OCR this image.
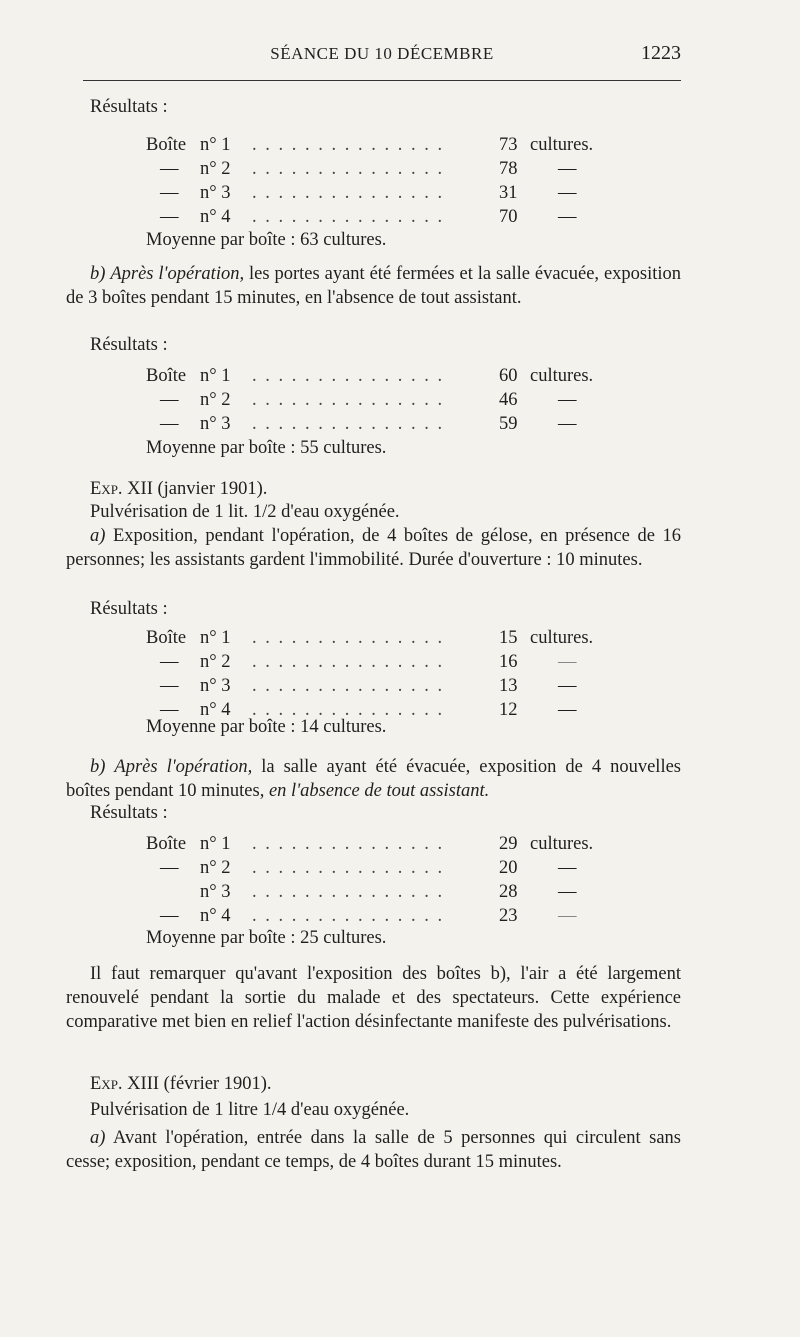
SÉANCE DU 10 DÉCEMBRE	1223
Résultats :
Boîte n° 1 . . . . . . . . . . . . . . .	73 cultures.
— n° 2 . . . . . . . . . . . . . . .	78 —
— n° 3 . . . . . . . . . . . . . . .	31 —
— n° 4 . . . . . . . . . . . . . . .	70 —
Moyenne par boîte : 63 cultures.
b) Après l'opération, les portes ayant été fermées et la salle évacuée, exposition de 3 boîtes pendant 15 minutes, en l'absence de tout assistant.
Résultats :
Boîte n° 1 . . . . . . . . . . . . . . .	60 cultures.
— n° 2 . . . . . . . . . . . . . . .	46 —
— n° 3 . . . . . . . . . . . . . . .	59 —
Moyenne par boîte : 55 cultures.
Exp. XII (janvier 1901).
Pulvérisation de 1 lit. 1/2 d'eau oxygénée.
a) Exposition, pendant l'opération, de 4 boîtes de gélose, en présence de 16 personnes; les assistants gardent l'immobilité. Durée d'ouverture : 10 minutes.
Résultats :
Boîte n° 1 . . . . . . . . . . . . . . .	15 cultures.
— n° 2 . . . . . . . . . . . . . . .	16 —
— n° 3 . . . . . . . . . . . . . . .	13 —
— n° 4 . . . . . . . . . . . . . . .	12 —
Moyenne par boîte : 14 cultures.
b) Après l'opération, la salle ayant été évacuée, exposition de 4 nouvelles boîtes pendant 10 minutes, en l'absence de tout assistant.
Résultats :
Boîte n° 1 . . . . . . . . . . . . . . .	29 cultures.
— n° 2 . . . . . . . . . . . . . . .	20 —
n° 3 . . . . . . . . . . . . . . .	28 —
— n° 4 . . . . . . . . . . . . . . .	23 —
Moyenne par boîte : 25 cultures.
Il faut remarquer qu'avant l'exposition des boîtes b), l'air a été largement renouvelé pendant la sortie du malade et des spectateurs. Cette expérience comparative met bien en relief l'action désinfectante manifeste des pulvérisations.
Exp. XIII (février 1901).
Pulvérisation de 1 litre 1/4 d'eau oxygénée.
a) Avant l'opération, entrée dans la salle de 5 personnes qui circulent sans cesse; exposition, pendant ce temps, de 4 boîtes durant 15 minutes.
